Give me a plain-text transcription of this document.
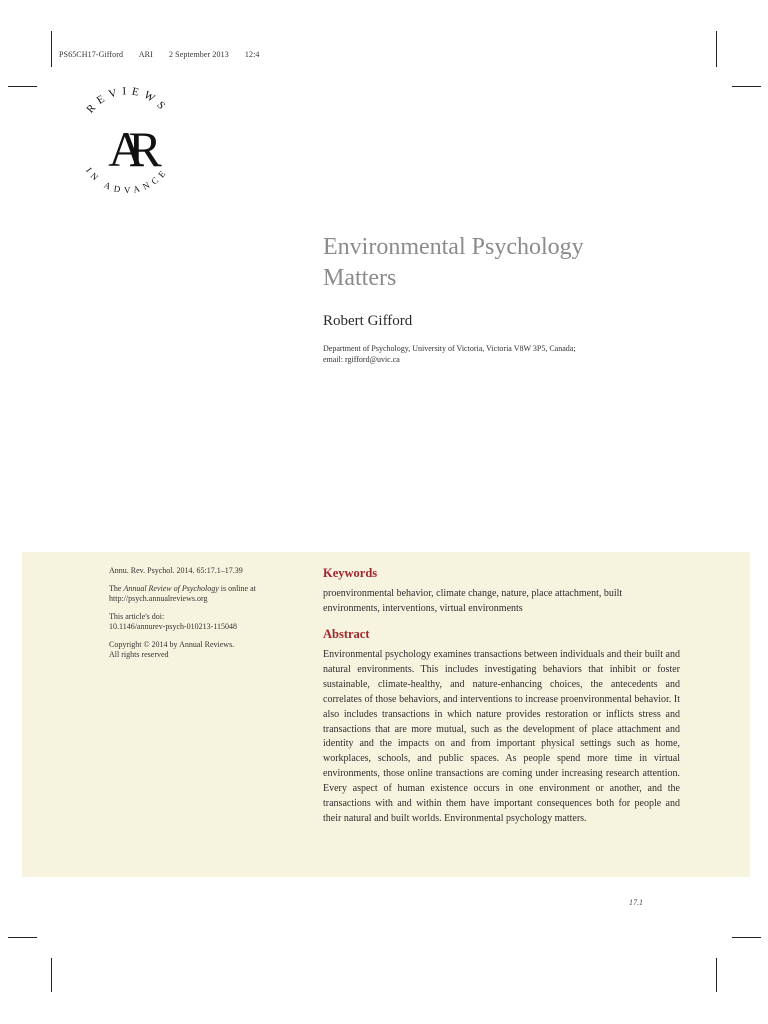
PS65CH17-Gifford ARI 2 September 2013 12:4
REVIEWS
IN ADVANCE
AR
Environmental Psychology
Matters
Robert Gifford
Department of Psychology, University of Victoria, Victoria V8W 3P5, Canada;
email: rgifford@uvic.ca

Annu. Rev. Psychol. 2014. 65:17.1–17.39

The Annual Review of Psychology is online at
http://psych.annualreviews.org

This article's doi:
10.1146/annurev-psych-010213-115048

Copyright © 2014 by Annual Reviews.
All rights reserved

Keywords
proenvironmental behavior, climate change, nature, place attachment, built environments, interventions, virtual environments
Abstract
Environmental psychology examines transactions between individuals and their built and natural environments. This includes investigating behaviors that inhibit or foster sustainable, climate-healthy, and nature-enhancing choices, the antecedents and correlates of those behaviors, and interventions to increase proenvironmental behavior. It also includes transactions in which nature provides restoration or inflicts stress and transactions that are more mutual, such as the development of place attachment and identity and the impacts on and from important physical settings such as home, workplaces, schools, and public spaces. As people spend more time in virtual environments, those online transactions are coming under increasing research attention. Every aspect of human existence occurs in one environment or another, and the transactions with and within them have important consequences both for people and their natural and built worlds. Environmental psychology matters.
17.1
